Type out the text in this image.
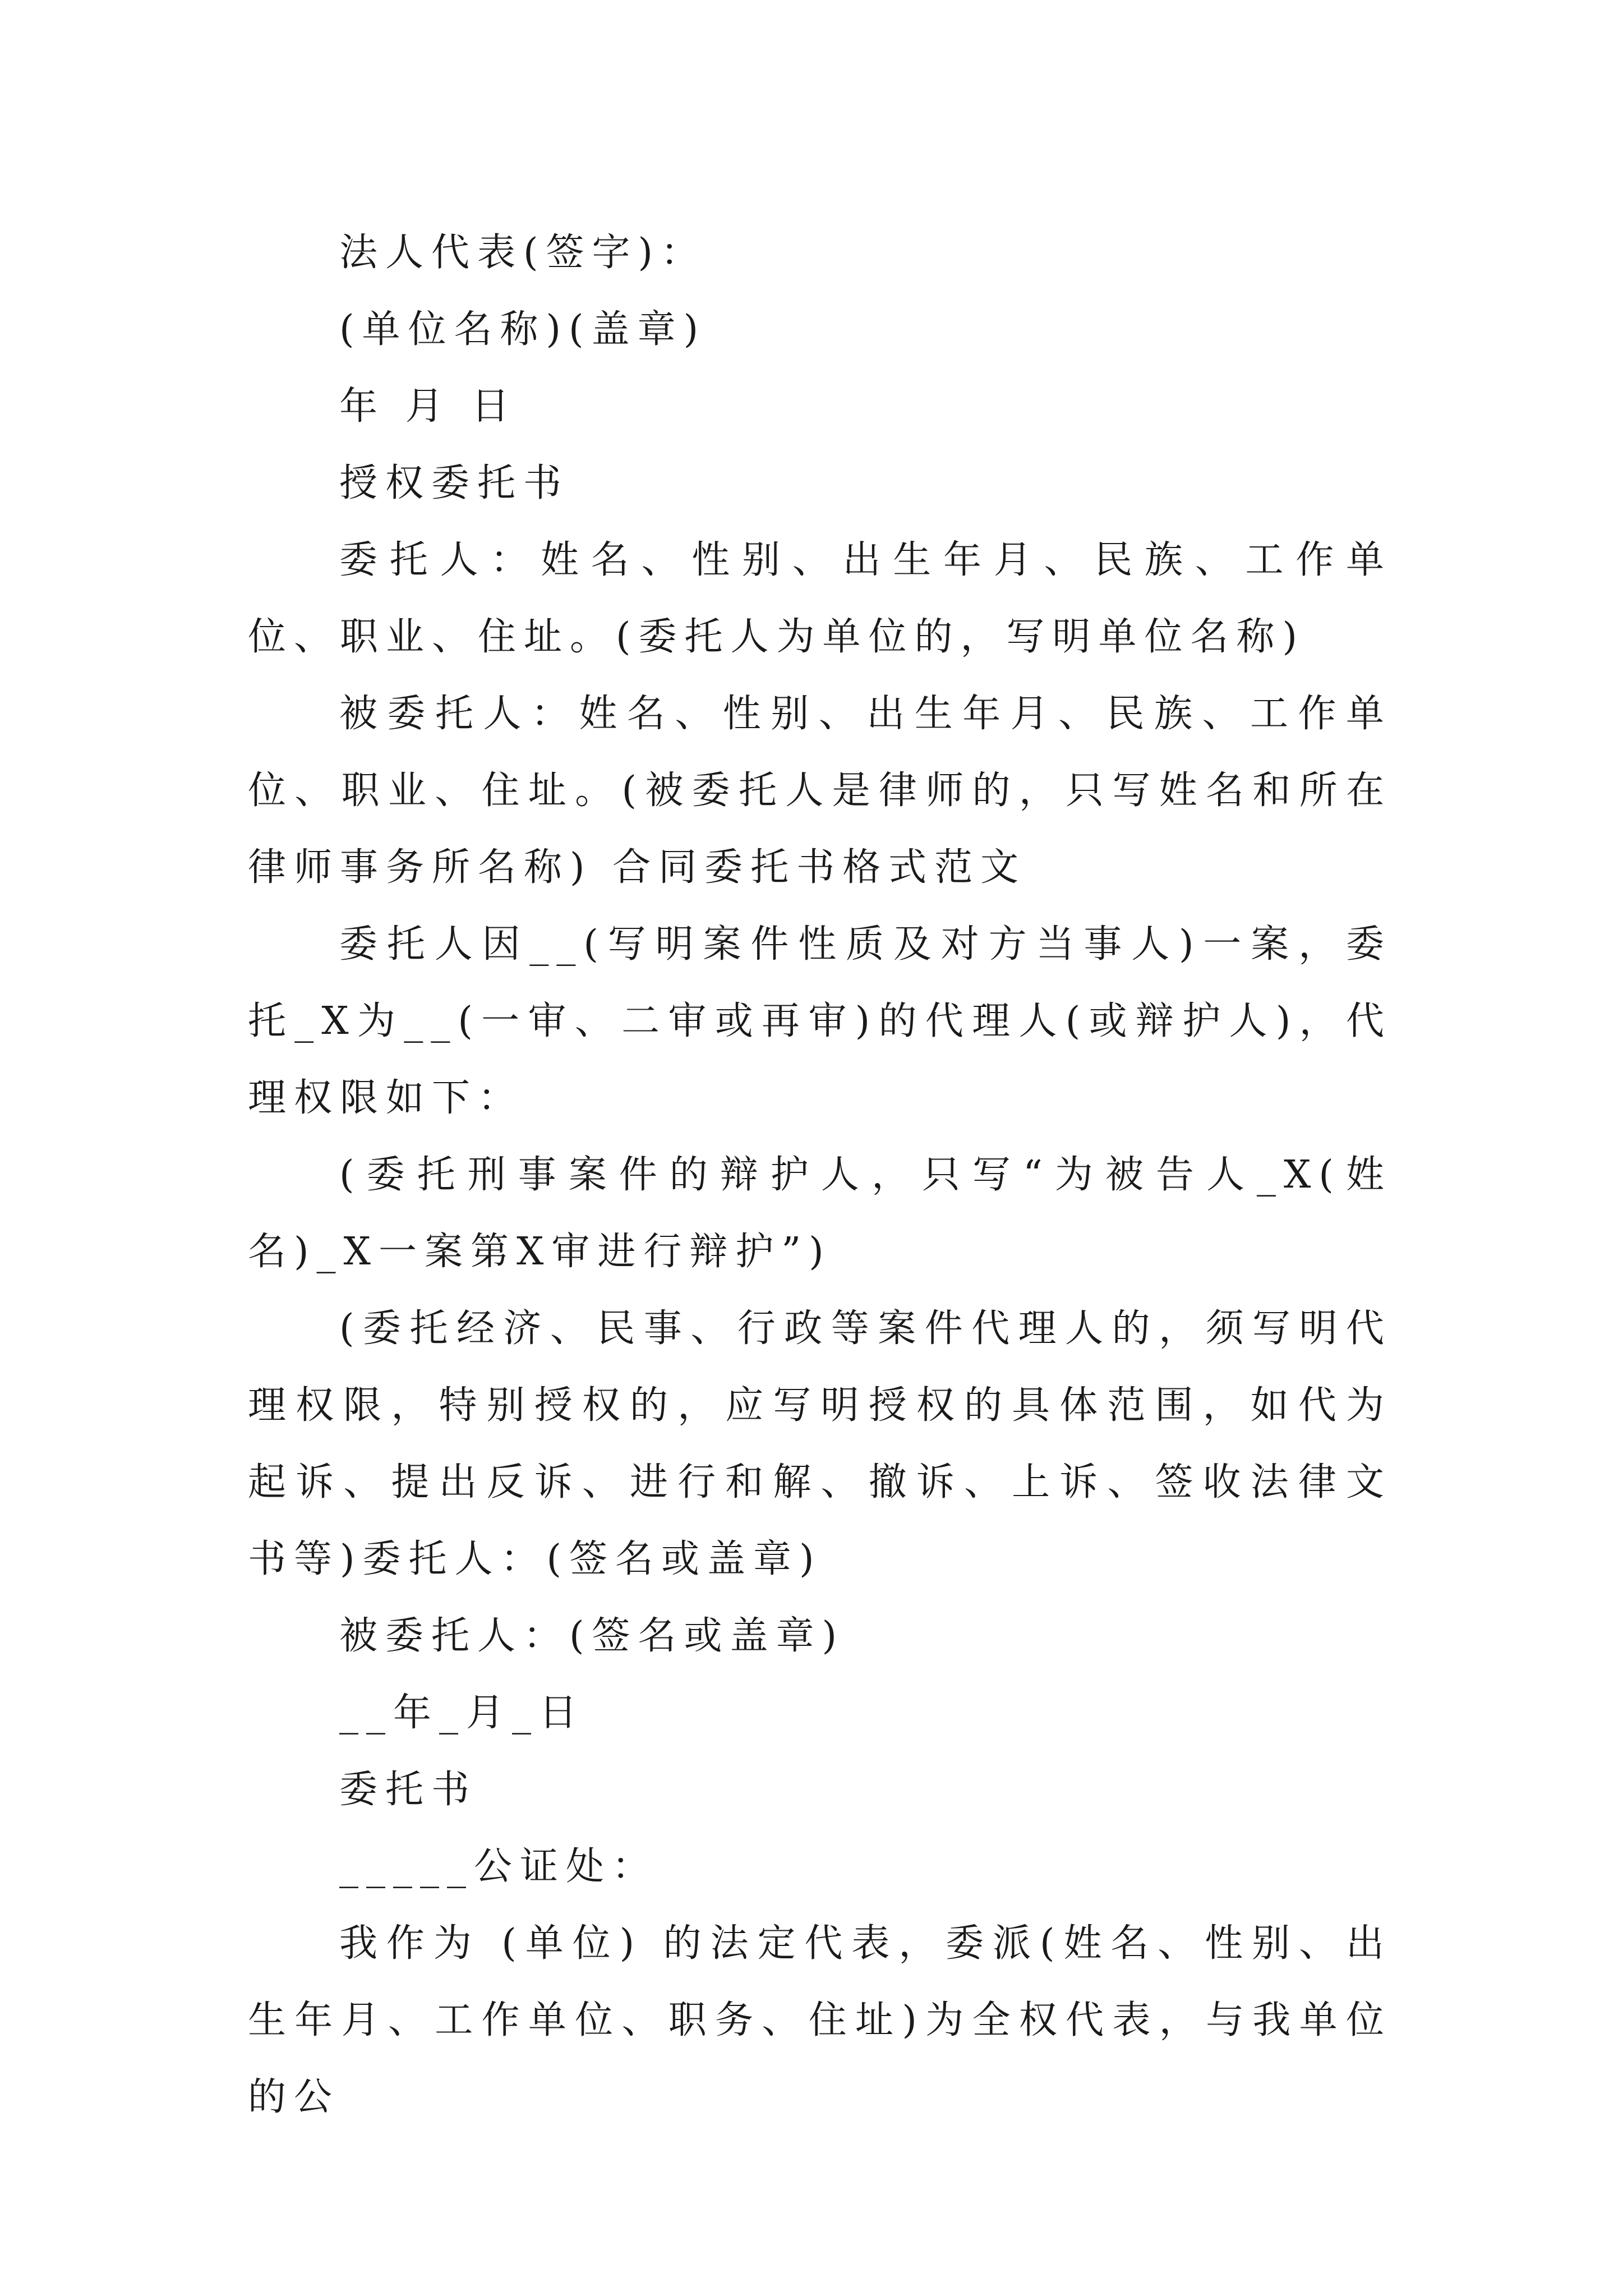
法人代表(签字)：

(单位名称)(盖章)

年 月 日

授权委托书

委托人：姓名、性别、出生年月、民族、工作单位、职业、住址。(委托人为单位的，写明单位名称)

被委托人：姓名、性别、出生年月、民族、工作单位、职业、住址。(被委托人是律师的，只写姓名和所在律师事务所名称) 合同委托书格式范文

委托人因__(写明案件性质及对方当事人)一案，委托_X为__(一审、二审或再审)的代理人(或辩护人)，代理权限如下：

(委托刑事案件的辩护人，只写“为被告人_X(姓名)_X一案第X审进行辩护”)

(委托经济、民事、行政等案件代理人的，须写明代理权限，特别授权的，应写明授权的具体范围，如代为起诉、提出反诉、进行和解、撤诉、上诉、签收法律文书等)委托人：(签名或盖章)

被委托人：(签名或盖章)

__年_月_日

委托书

_____公证处：

我作为 (单位) 的法定代表，委派(姓名、性别、出生年月、工作单位、职务、住址)为全权代表，与我单位的公
